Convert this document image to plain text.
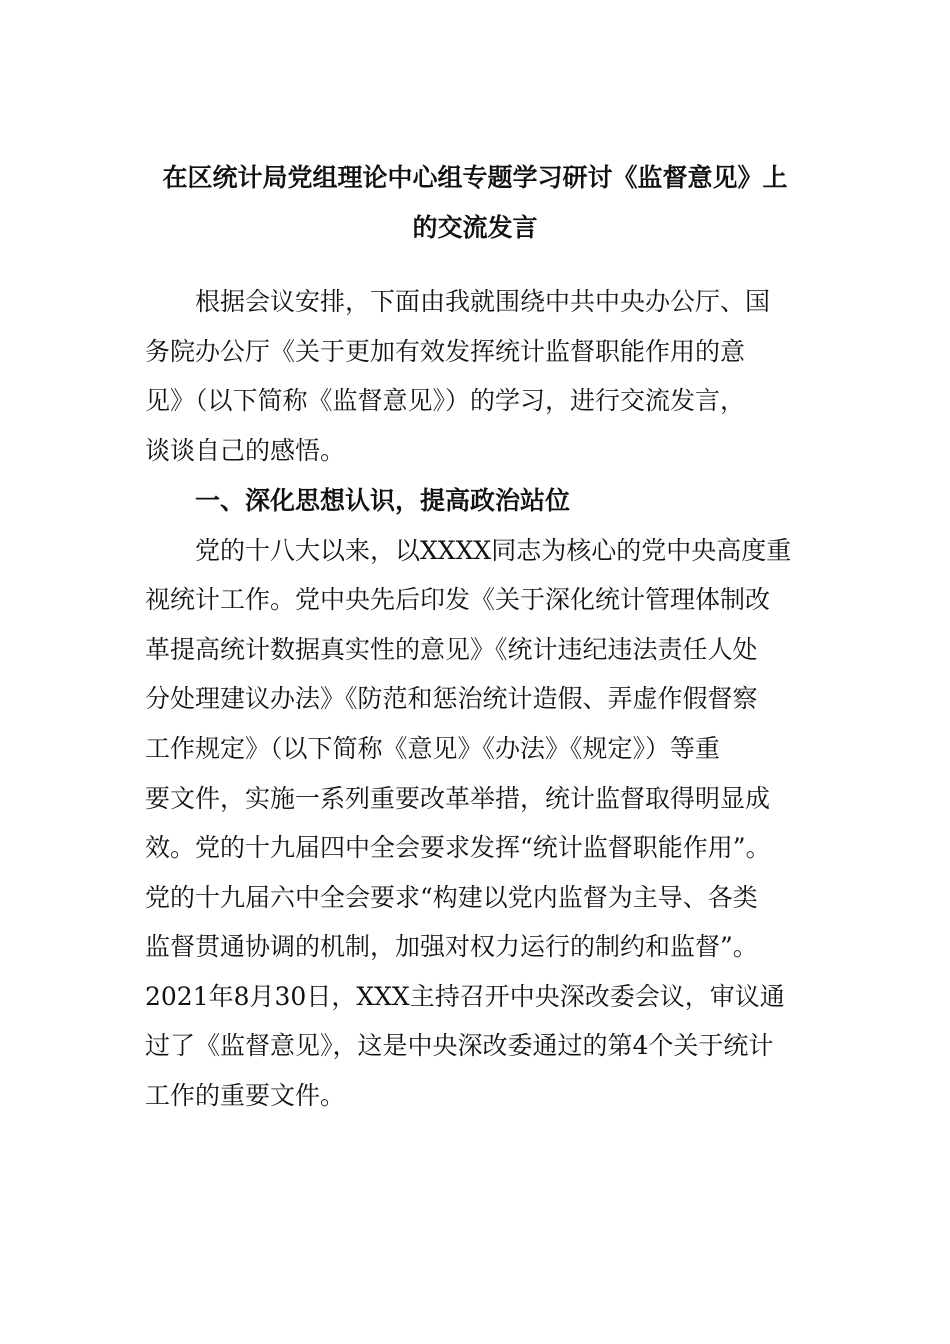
在区统计局党组理论中心组专题学习研讨《监督意见》上
的交流发言
　　根据会议安排，下面由我就围绕中共中央办公厅、国
务院办公厅《关于更加有效发挥统计监督职能作用的意
见》（以下简称《监督意见》）的学习，进行交流发言，
谈谈自己的感悟。
一、深化思想认识，提高政治站位
　　党的十八大以来，以XXXX同志为核心的党中央高度重
视统计工作。党中央先后印发《关于深化统计管理体制改
革提高统计数据真实性的意见》《统计违纪违法责任人处
分处理建议办法》《防范和惩治统计造假、弄虚作假督察
工作规定》（以下简称《意见》《办法》《规定》）等重
要文件，实施一系列重要改革举措，统计监督取得明显成
效。党的十九届四中全会要求发挥“统计监督职能作用”。
党的十九届六中全会要求“构建以党内监督为主导、各类
监督贯通协调的机制，加强对权力运行的制约和监督”。
2021年8月30日，XXX主持召开中央深改委会议，审议通
过了《监督意见》，这是中央深改委通过的第4个关于统计
工作的重要文件。
